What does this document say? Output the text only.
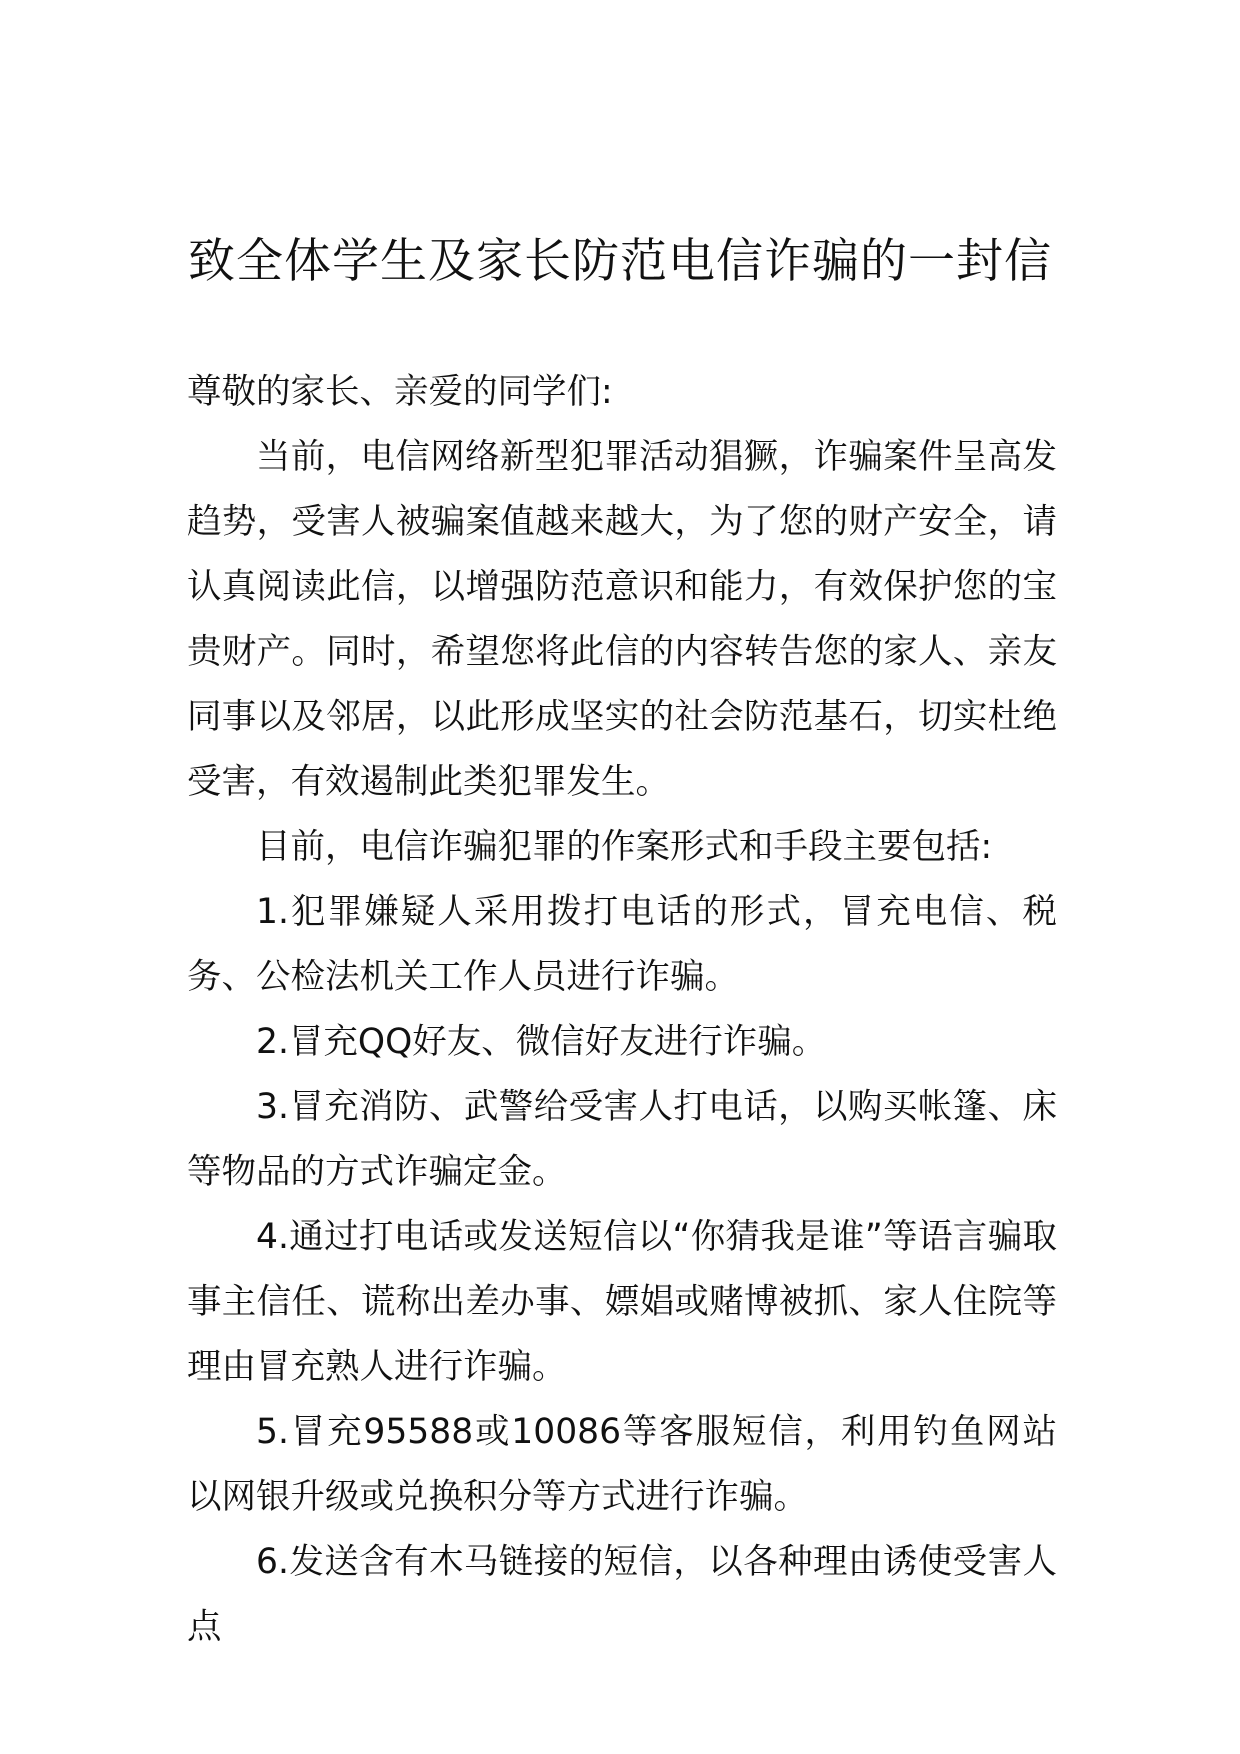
致全体学生及家长防范电信诈骗的一封信

尊敬的家长、亲爱的同学们:

当前，电信网络新型犯罪活动猖獗，诈骗案件呈高发趋势，受害人被骗案值越来越大，为了您的财产安全，请认真阅读此信，以增强防范意识和能力，有效保护您的宝贵财产。同时，希望您将此信的内容转告您的家人、亲友同事以及邻居，以此形成坚实的社会防范基石，切实杜绝受害，有效遏制此类犯罪发生。

目前，电信诈骗犯罪的作案形式和手段主要包括:

1.犯罪嫌疑人采用拨打电话的形式，冒充电信、税务、公检法机关工作人员进行诈骗。

2.冒充QQ好友、微信好友进行诈骗。

3.冒充消防、武警给受害人打电话，以购买帐篷、床等物品的方式诈骗定金。

4.通过打电话或发送短信以“你猜我是谁”等语言骗取事主信任、谎称出差办事、嫖娼或赌博被抓、家人住院等理由冒充熟人进行诈骗。

5.冒充95588或10086等客服短信，利用钓鱼网站以网银升级或兑换积分等方式进行诈骗。

6.发送含有木马链接的短信，以各种理由诱使受害人点
